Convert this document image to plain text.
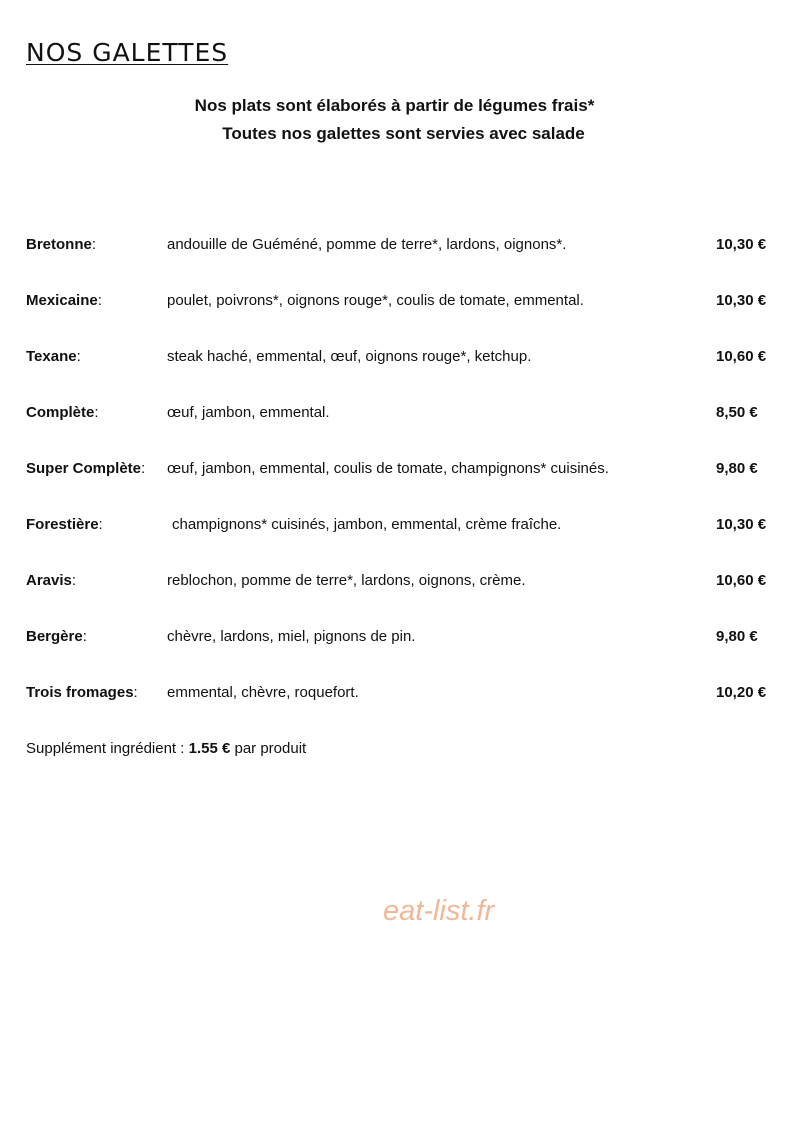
NOS GALETTES
Nos plats sont élaborés à partir de légumes frais*
Toutes nos galettes sont servies avec salade
Bretonne:	andouille de Guéméné, pomme de terre*, lardons, oignons*.	10,30 €
Mexicaine:	poulet, poivrons*, oignons rouge*, coulis de tomate, emmental.	10,30 €
Texane:	steak haché, emmental, œuf, oignons rouge*, ketchup.	10,60 €
Complète:	œuf, jambon, emmental.	8,50 €
Super Complète: œuf, jambon, emmental, coulis de tomate, champignons* cuisinés.	9,80 €
Forestière:	champignons* cuisinés, jambon, emmental, crème fraîche.	10,30 €
Aravis:	reblochon, pomme de terre*, lardons, oignons, crème.	10,60 €
Bergère:	chèvre, lardons, miel, pignons de pin.	9,80 €
Trois fromages: emmental, chèvre, roquefort.	10,20 €
Supplément ingrédient : 1.55 € par produit
eat-list.fr
